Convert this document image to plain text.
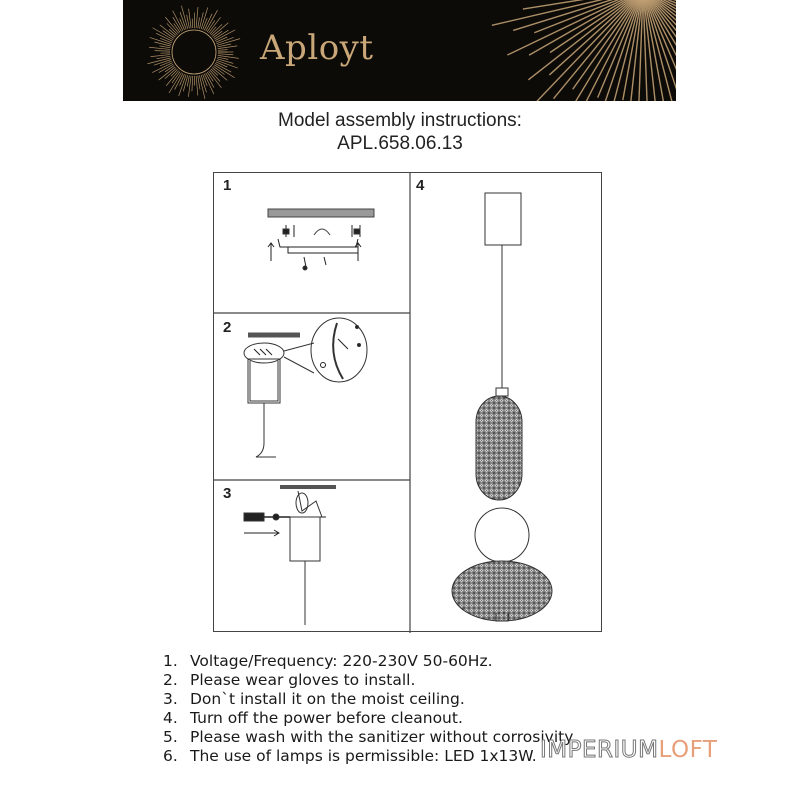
Aployt
Model assembly instructions:
APL.658.06.13
1
2
3
4
1. Voltage/Frequency: 220-230V 50-60Hz.
2. Please wear gloves to install.
3. Don`t install it on the moist ceiling.
4. Turn off the power before cleanout.
5. Please wash with the sanitizer without corrosivity.
6. The use of lamps is permissible: LED 1x13W. IMPERIUMLOFT
